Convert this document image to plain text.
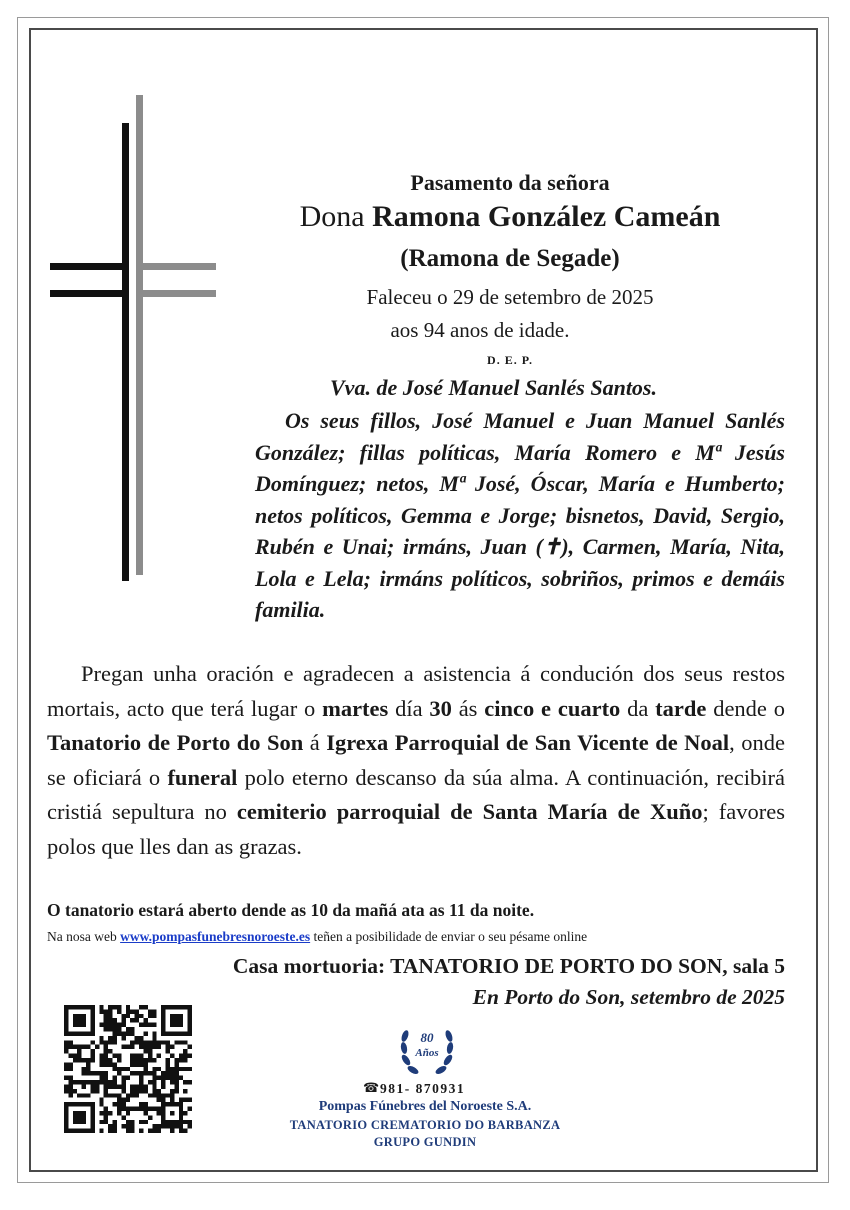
Pasamento da señora
Dona Ramona González Cameán
(Ramona de Segade)
Faleceu o 29 de setembro de 2025
aos 94 anos de idade.
D. E. P.
Vva. de José Manuel Sanlés Santos.

Os seus fillos, José Manuel e Juan Manuel Sanlés González; fillas políticas, María Romero e Mª Jesús Domínguez; netos, Mª José, Óscar, María e Humberto; netos políticos, Gemma e Jorge; bisnetos, David, Sergio, Rubén e Unai; irmáns, Juan (✝), Carmen, María, Nita, Lola e Lela; irmáns políticos, sobriños, primos e demáis familia.

Pregan unha oración e agradecen a asistencia á condución dos seus restos mortais, acto que terá lugar o martes día 30 ás cinco e cuarto da tarde dende o Tanatorio de Porto do Son á Igrexa Parroquial de San Vicente de Noal, onde se oficiará o funeral polo eterno descanso da súa alma. A continuación, recibirá cristiá sepultura no cemiterio parroquial de Santa María de Xuño; favores polos que lles dan as grazas.

O tanatorio estará aberto dende as 10 da mañá ata as 11 da noite.
Na nosa web www.pompasfunebresnoroeste.es teñen a posibilidade de enviar o seu pésame online
Casa mortuoria: TANATORIO DE PORTO DO SON, sala 5
En Porto do Son, setembro de 2025
80
Años
☎ 981- 870931
Pompas Fúnebres del Noroeste S.A.
TANATORIO CREMATORIO DO BARBANZA
GRUPO GUNDIN
